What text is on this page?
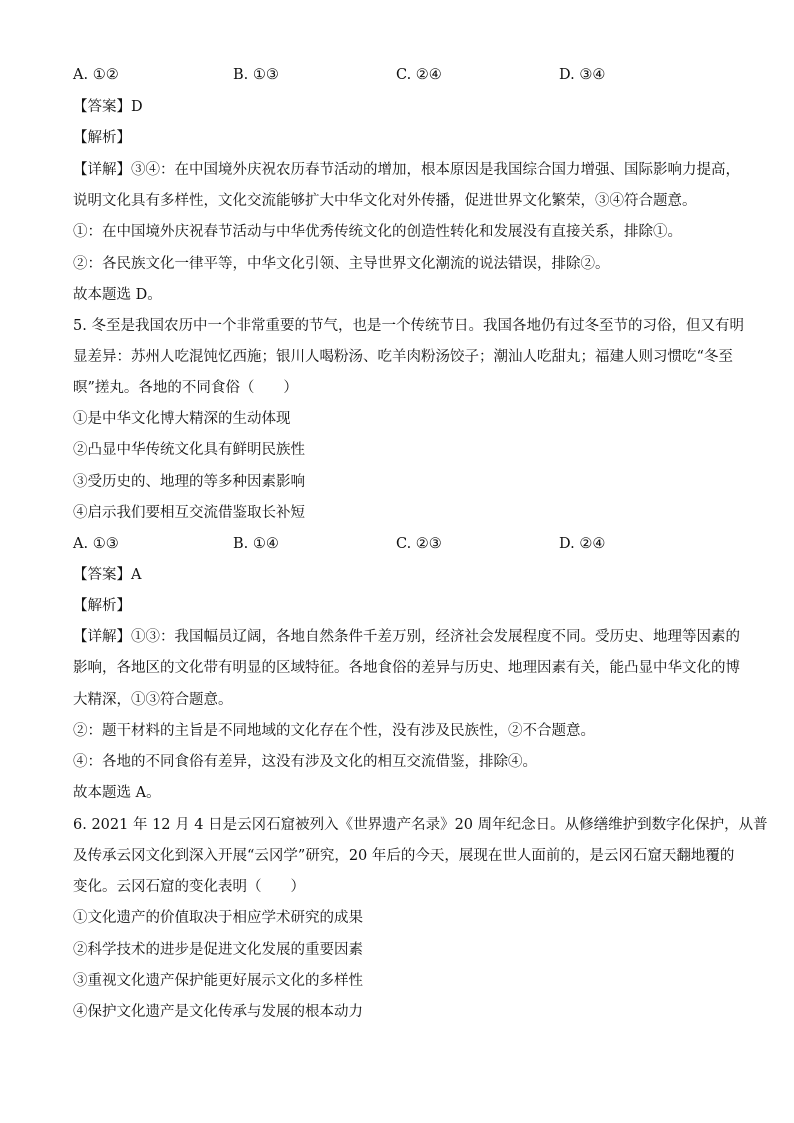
A. ①②	B. ①③	C. ②④	D. ③④
【答案】D
【解析】
【详解】③④：在中国境外庆祝农历春节活动的增加，根本原因是我国综合国力增强、国际影响力提高，
说明文化具有多样性，文化交流能够扩大中华文化对外传播，促进世界文化繁荣，③④符合题意。
①：在中国境外庆祝春节活动与中华优秀传统文化的创造性转化和发展没有直接关系，排除①。
②：各民族文化一律平等，中华文化引领、主导世界文化潮流的说法错误，排除②。
故本题选 D。
5. 冬至是我国农历中一个非常重要的节气，也是一个传统节日。我国各地仍有过冬至节的习俗，但又有明
显差异：苏州人吃混饨忆西施；银川人喝粉汤、吃羊肉粉汤饺子；潮汕人吃甜丸；福建人则习惯吃“冬至
暝”搓丸。各地的不同食俗（　　）
①是中华文化博大精深的生动体现
②凸显中华传统文化具有鲜明民族性
③受历史的、地理的等多种因素影响
④启示我们要相互交流借鉴取长补短
A. ①③	B. ①④	C. ②③	D. ②④
【答案】A
【解析】
【详解】①③：我国幅员辽阔，各地自然条件千差万别，经济社会发展程度不同。受历史、地理等因素的
影响，各地区的文化带有明显的区域特征。各地食俗的差异与历史、地理因素有关，能凸显中华文化的博
大精深，①③符合题意。
②：题干材料的主旨是不同地域的文化存在个性，没有涉及民族性，②不合题意。
④：各地的不同食俗有差异，这没有涉及文化的相互交流借鉴，排除④。
故本题选 A。
6. 2021 年 12 月 4 日是云冈石窟被列入《世界遗产名录》20 周年纪念日。从修缮维护到数字化保护，从普
及传承云冈文化到深入开展“云冈学”研究，20 年后的今天，展现在世人面前的，是云冈石窟天翻地覆的
变化。云冈石窟的变化表明（　　）
①文化遗产的价值取决于相应学术研究的成果
②科学技术的进步是促进文化发展的重要因素
③重视文化遗产保护能更好展示文化的多样性
④保护文化遗产是文化传承与发展的根本动力
